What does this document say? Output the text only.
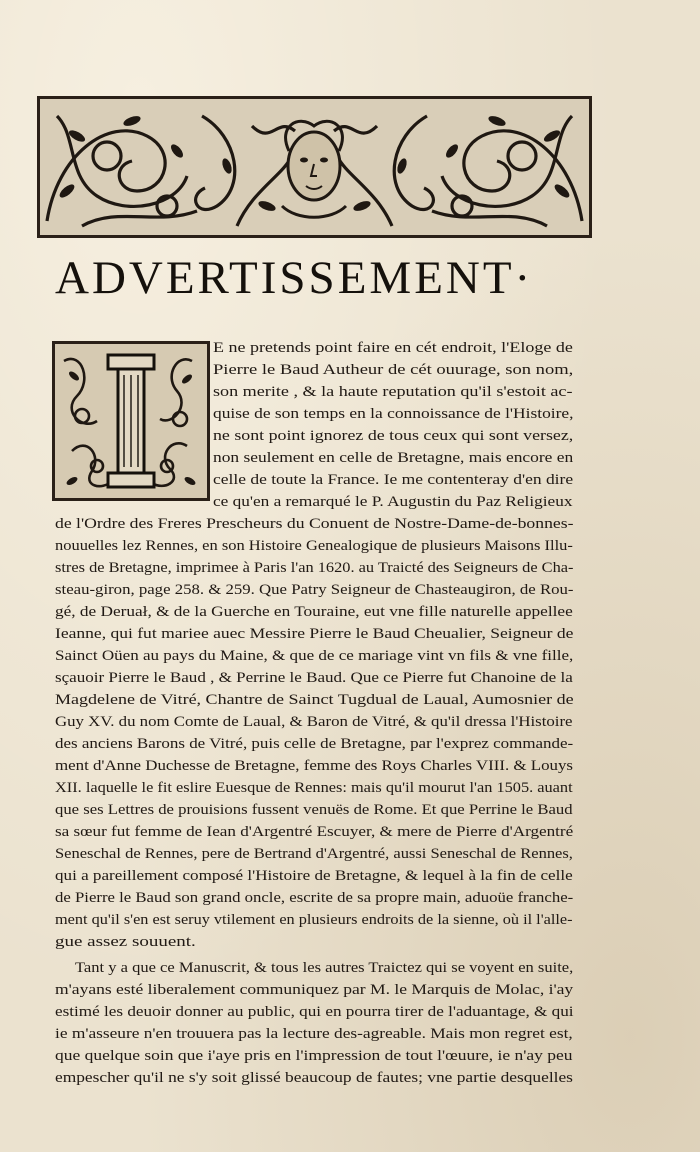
ADVERTISSEMENT·
E ne pretends point faire en cét endroit, l'Eloge de
Pierre le Baud Autheur de cét ouurage, son nom,
son merite , & la haute reputation qu'il s'estoit ac-
quise de son temps en la connoissance de l'Histoire,
ne sont point ignorez de tous ceux qui sont versez,
non seulement en celle de Bretagne, mais encore en
celle de toute la France. Ie me contenteray d'en dire
ce qu'en a remarqué le P. Augustin du Paz Religieux
de l'Ordre des Freres Prescheurs du Conuent de Nostre-Dame-de-bonnes-
nouuelles lez Rennes, en son Histoire Genealogique de plusieurs Maisons Illu-
stres de Bretagne, imprimee à Paris l'an 1620. au Traicté des Seigneurs de Cha-
steau-giron, page 258. & 259. Que Patry Seigneur de Chasteaugiron, de Rou-
gé, de Deruał, & de la Guerche en Touraine, eut vne fille naturelle appellee
Ieanne, qui fut mariee auec Messire Pierre le Baud Cheualier, Seigneur de
Sainct Oüen au pays du Maine, & que de ce mariage vint vn fils & vne fille,
sçauoir Pierre le Baud , & Perrine le Baud. Que ce Pierre fut Chanoine de la
Magdelene de Vitré, Chantre de Sainct Tugdual de Laual, Aumosnier de
Guy XV. du nom Comte de Laual, & Baron de Vitré, & qu'il dressa l'Histoire
des anciens Barons de Vitré, puis celle de Bretagne, par l'exprez commande-
ment d'Anne Duchesse de Bretagne, femme des Roys Charles VIII. & Louys
XII. laquelle le fit eslire Euesque de Rennes: mais qu'il mourut l'an 1505. auant
que ses Lettres de prouisions fussent venuës de Rome. Et que Perrine le Baud
sa sœur fut femme de Iean d'Argentré Escuyer, & mere de Pierre d'Argentré
Seneschal de Rennes, pere de Bertrand d'Argentré, aussi Seneschal de Rennes,
qui a pareillement composé l'Histoire de Bretagne, & lequel à la fin de celle
de Pierre le Baud son grand oncle, escrite de sa propre main, aduoüe franche-
ment qu'il s'en est seruy vtilement en plusieurs endroits de la sienne, où il l'alle-
gue assez souuent.
Tant y a que ce Manuscrit, & tous les autres Traictez qui se voyent en suite,
m'ayans esté liberalement communiquez par M. le Marquis de Molac, i'ay
estimé les deuoir donner au public, qui en pourra tirer de l'aduantage, & qui
ie m'asseure n'en trouuera pas la lecture des-agreable. Mais mon regret est,
que quelque soin que i'aye pris en l'impression de tout l'œuure, ie n'ay peu
empescher qu'il ne s'y soit glissé beaucoup de fautes; vne partie desquelles
